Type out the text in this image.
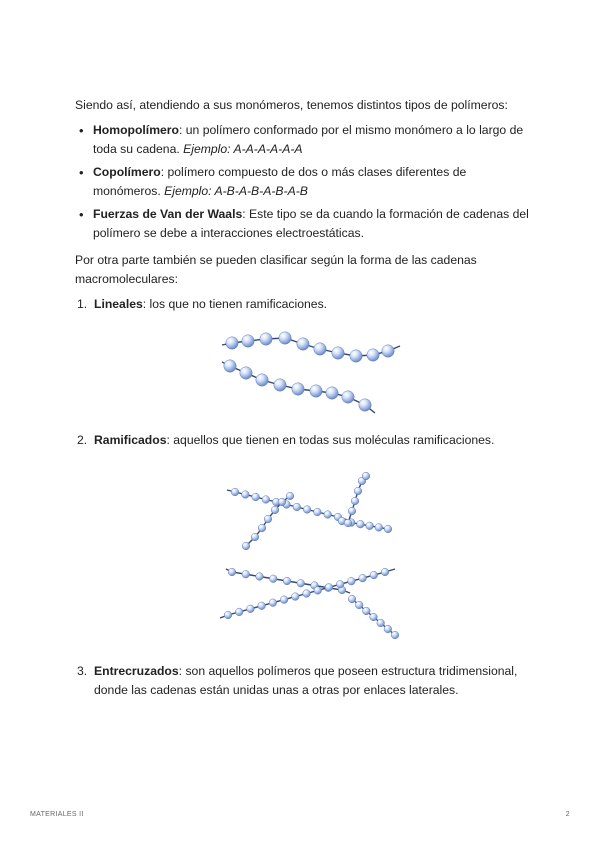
Siendo así, atendiendo a sus monómeros, tenemos distintos tipos de polímeros:
• Homopolímero: un polímero conformado por el mismo monómero a lo largo de toda su cadena. Ejemplo: A-A-A-A-A-A
• Copolímero: polímero compuesto de dos o más clases diferentes de monómeros. Ejemplo: A-B-A-B-A-B-A-B
• Fuerzas de Van der Waals: Este tipo se da cuando la formación de cadenas del polímero se debe a interacciones electroestáticas.
Por otra parte también se pueden clasificar según la forma de las cadenas macromoleculares:
1. Lineales: los que no tienen ramificaciones.
2. Ramificados: aquellos que tienen en todas sus moléculas ramificaciones.
3. Entrecruzados: son aquellos polímeros que poseen estructura tridimensional, donde las cadenas están unidas unas a otras por enlaces laterales.
MATERIALES II	2
